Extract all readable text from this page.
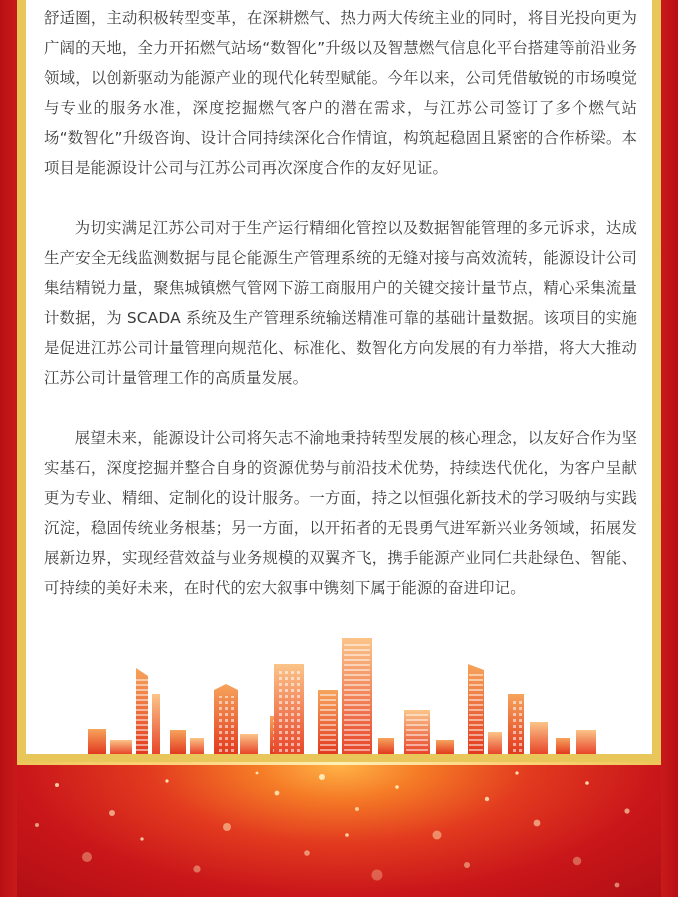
舒适圈，主动积极转型变革，在深耕燃气、热力两大传统主业的同时，将目光投向更为广阔的天地，全力开拓燃气站场“数智化”升级以及智慧燃气信息化平台搭建等前沿业务领域，以创新驱动为能源产业的现代化转型赋能。今年以来，公司凭借敏锐的市场嗅觉与专业的服务水准，深度挖掘燃气客户的潜在需求，与江苏公司签订了多个燃气站场“数智化”升级咨询、设计合同持续深化合作情谊，构筑起稳固且紧密的合作桥梁。本项目是能源设计公司与江苏公司再次深度合作的友好见证。

为切实满足江苏公司对于生产运行精细化管控以及数据智能管理的多元诉求，达成生产安全无线监测数据与昆仑能源生产管理系统的无缝对接与高效流转，能源设计公司集结精锐力量，聚焦城镇燃气管网下游工商服用户的关键交接计量节点，精心采集流量计数据，为 SCADA 系统及生产管理系统输送精准可靠的基础计量数据。该项目的实施是促进江苏公司计量管理向规范化、标准化、数智化方向发展的有力举措，将大大推动江苏公司计量管理工作的高质量发展。

展望未来，能源设计公司将矢志不渝地秉持转型发展的核心理念，以友好合作为坚实基石，深度挖掘并整合自身的资源优势与前沿技术优势，持续迭代优化，为客户呈献更为专业、精细、定制化的设计服务。一方面，持之以恒强化新技术的学习吸纳与实践沉淀，稳固传统业务根基；另一方面，以开拓者的无畏勇气进军新兴业务领域，拓展发展新边界，实现经营效益与业务规模的双翼齐飞，携手能源产业同仁共赴绿色、智能、可持续的美好未来，在时代的宏大叙事中镌刻下属于能源的奋进印记。
